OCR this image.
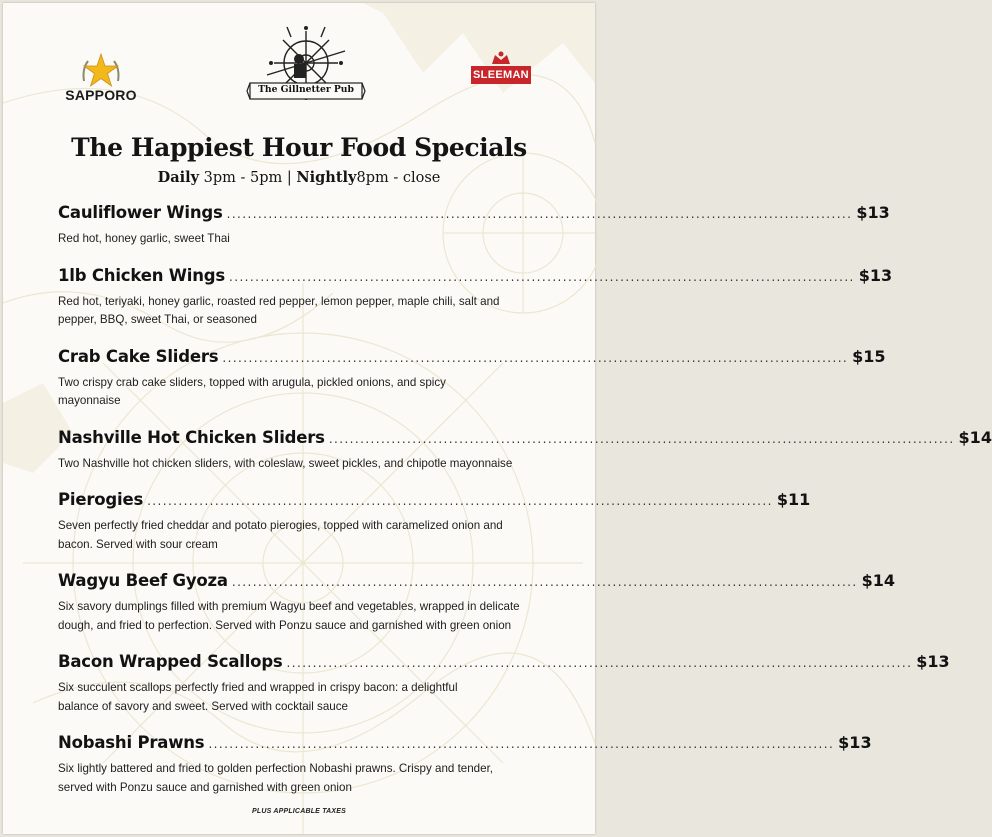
SAPPORO	The Gillnetter Pub
SLEEMAN
The Happiest Hour Food Specials
Daily 3pm - 5pm | Nightly8pm - close
Cauliflower Wings ........................................................................................................................ $13
Red hot, honey garlic, sweet Thai
1lb Chicken Wings ........................................................................................................................ $13
Red hot, teriyaki, honey garlic, roasted red pepper, lemon pepper, maple chili, salt and pepper, BBQ, sweet Thai, or seasoned
Crab Cake Sliders ........................................................................................................................ $15
Two crispy crab cake sliders, topped with arugula, pickled onions, and spicy mayonnaise
Nashville Hot Chicken Sliders ........................................................................................................................ $14
Two Nashville hot chicken sliders, with coleslaw, sweet pickles, and chipotle mayonnaise
Pierogies ........................................................................................................................ $11
Seven perfectly fried cheddar and potato pierogies, topped with caramelized onion and bacon. Served with sour cream
Wagyu Beef Gyoza ........................................................................................................................ $14
Six savory dumplings filled with premium Wagyu beef and vegetables, wrapped in delicate dough, and fried to perfection. Served with Ponzu sauce and garnished with green onion
Bacon Wrapped Scallops ........................................................................................................................ $13
Six succulent scallops perfectly fried and wrapped in crispy bacon: a delightful balance of savory and sweet. Served with cocktail sauce
Nobashi Prawns ........................................................................................................................ $13
Six lightly battered and fried to golden perfection Nobashi prawns. Crispy and tender, served with Ponzu sauce and garnished with green onion
PLUS APPLICABLE TAXES
